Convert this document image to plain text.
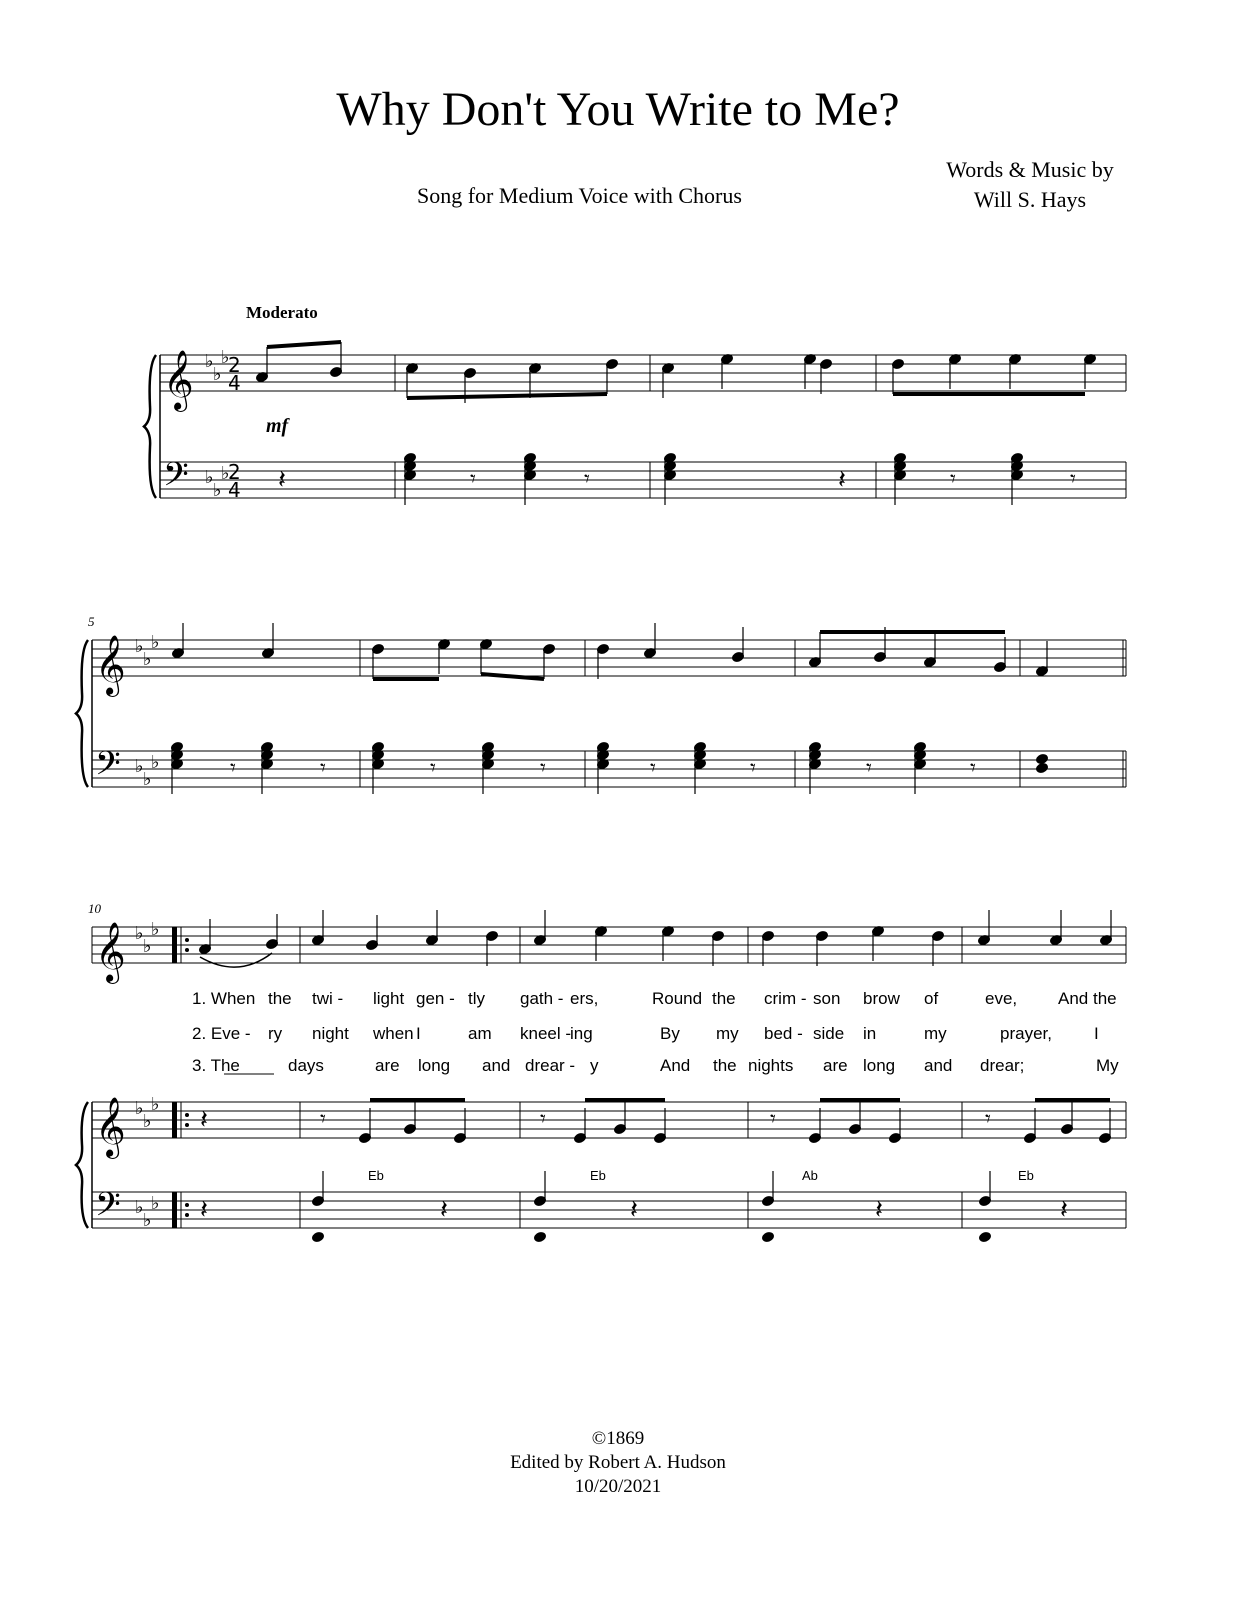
Why Don't You Write to Me?
Song for Medium Voice with Chorus
Words & Music by
Will S. Hays
Moderato
mf
5
10
𝄞
𝄢
♭
♭
♭
♭
♭
♭
2
4
2
4 𝄽	𝄾	𝄾	𝄾	𝄾
𝄽
𝄞
𝄢
♭
♭
♭
♭
♭
♭	𝄾	𝄾	𝄾	𝄾	𝄾	𝄾	𝄾	𝄾
𝄞
𝄞
𝄢
♭
♭
♭
♭
♭
♭
♭
♭
♭
1. When the twi - light gen - tly gath - ers,	Round the crim - son brow of	eve, And the
2. Eve - ry night when I	am kneel -
ing	By my bed - side in	my	prayer, I
3. The	days	are long and drear - y	And the nights are long and drear;	My
𝄽	𝄾	𝄾	𝄾	𝄾
Eb	Eb	Ab	Eb
𝄽	𝄽	𝄽	𝄽	𝄽
©1869
Edited by Robert A. Hudson
10/20/2021
